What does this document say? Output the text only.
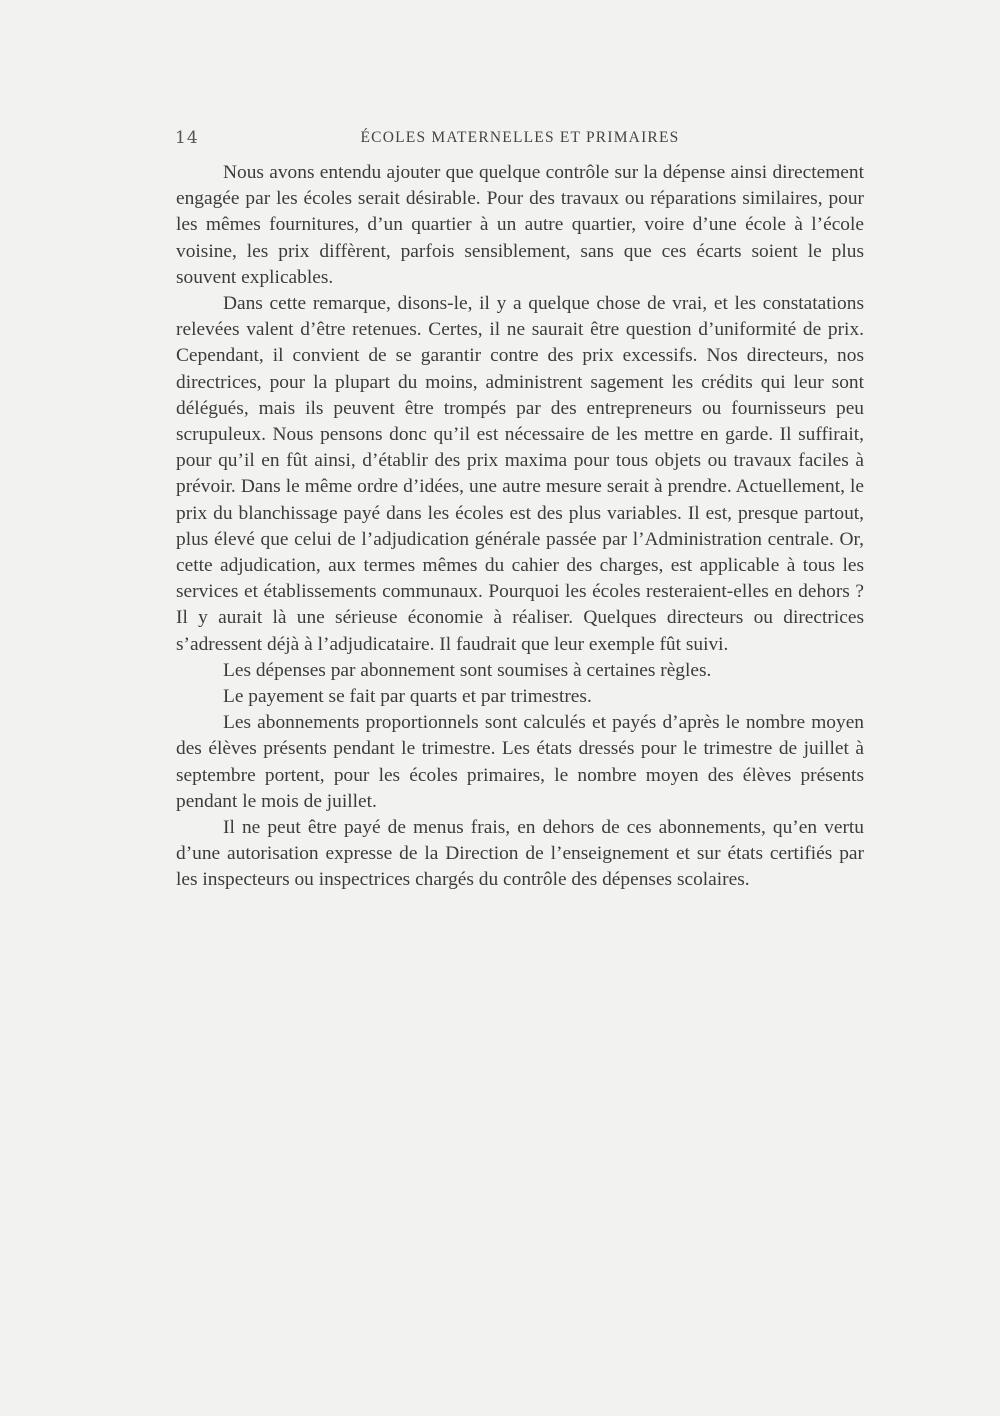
14	ÉCOLES MATERNELLES ET PRIMAIRES

Nous avons entendu ajouter que quelque contrôle sur la dépense ainsi directement engagée par les écoles serait désirable. Pour des travaux ou réparations similaires, pour les mêmes fournitures, d’un quartier à un autre quartier, voire d’une école à l’école voisine, les prix diffèrent, parfois sensiblement, sans que ces écarts soient le plus souvent explicables.

Dans cette remarque, disons-le, il y a quelque chose de vrai, et les constatations relevées valent d’être retenues. Certes, il ne saurait être question d’uniformité de prix. Cependant, il convient de se garantir contre des prix excessifs. Nos directeurs, nos directrices, pour la plupart du moins, administrent sagement les crédits qui leur sont délégués, mais ils peuvent être trompés par des entrepreneurs ou fournisseurs peu scrupuleux. Nous pensons donc qu’il est nécessaire de les mettre en garde. Il suffirait, pour qu’il en fût ainsi, d’établir des prix maxima pour tous objets ou travaux faciles à prévoir. Dans le même ordre d’idées, une autre mesure serait à prendre. Actuellement, le prix du blanchissage payé dans les écoles est des plus variables. Il est, presque partout, plus élevé que celui de l’adjudication générale passée par l’Administration centrale. Or, cette adjudication, aux termes mêmes du cahier des charges, est applicable à tous les services et établissements communaux. Pourquoi les écoles resteraient-elles en dehors ? Il y aurait là une sérieuse économie à réaliser. Quelques directeurs ou directrices s’adressent déjà à l’adjudicataire. Il faudrait que leur exemple fût suivi.

Les dépenses par abonnement sont soumises à certaines règles.

Le payement se fait par quarts et par trimestres.

Les abonnements proportionnels sont calculés et payés d’après le nombre moyen des élèves présents pendant le trimestre. Les états dressés pour le trimestre de juillet à septembre portent, pour les écoles primaires, le nombre moyen des élèves présents pendant le mois de juillet.

Il ne peut être payé de menus frais, en dehors de ces abonnements, qu’en vertu d’une autorisation expresse de la Direction de l’enseignement et sur états certifiés par les inspecteurs ou inspectrices chargés du contrôle des dépenses scolaires.
